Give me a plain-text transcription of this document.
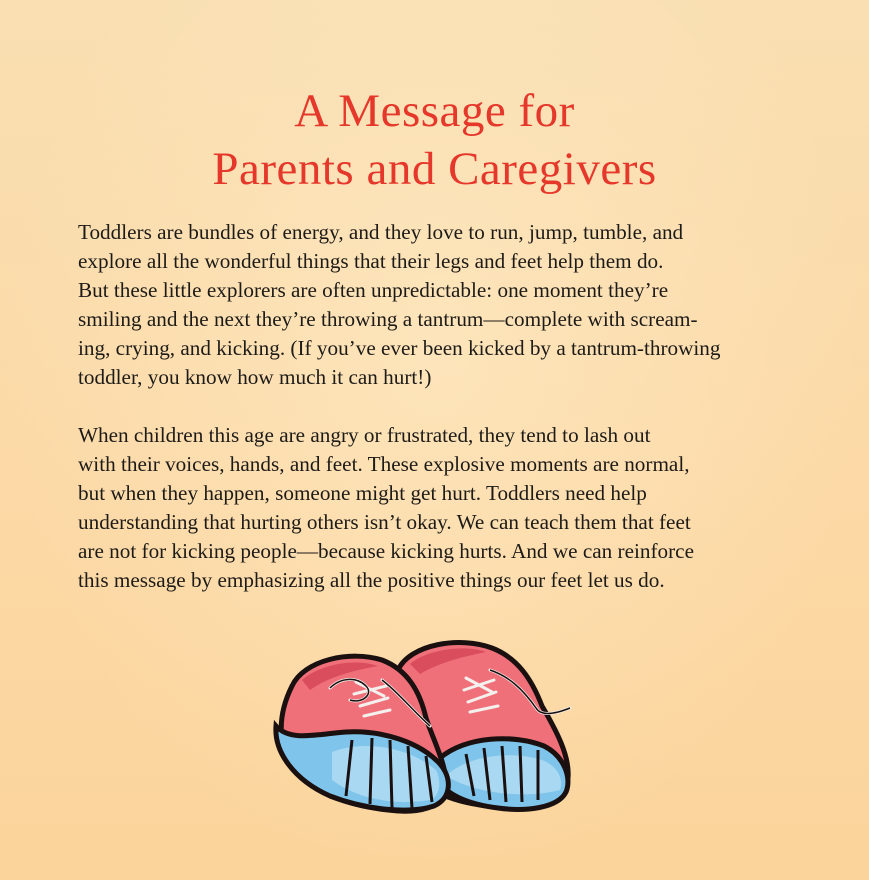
A Message for
Parents and Caregivers

Toddlers are bundles of energy, and they love to run, jump, tumble, and
explore all the wonderful things that their legs and feet help them do.
But these little explorers are often unpredictable: one moment they’re
smiling and the next they’re throwing a tantrum—complete with scream-
ing, crying, and kicking. (If you’ve ever been kicked by a tantrum-throwing
toddler, you know how much it can hurt!)

When children this age are angry or frustrated, they tend to lash out
with their voices, hands, and feet. These explosive moments are normal,
but when they happen, someone might get hurt. Toddlers need help
understanding that hurting others isn’t okay. We can teach them that feet
are not for kicking people—because kicking hurts. And we can reinforce
this message by emphasizing all the positive things our feet let us do.
